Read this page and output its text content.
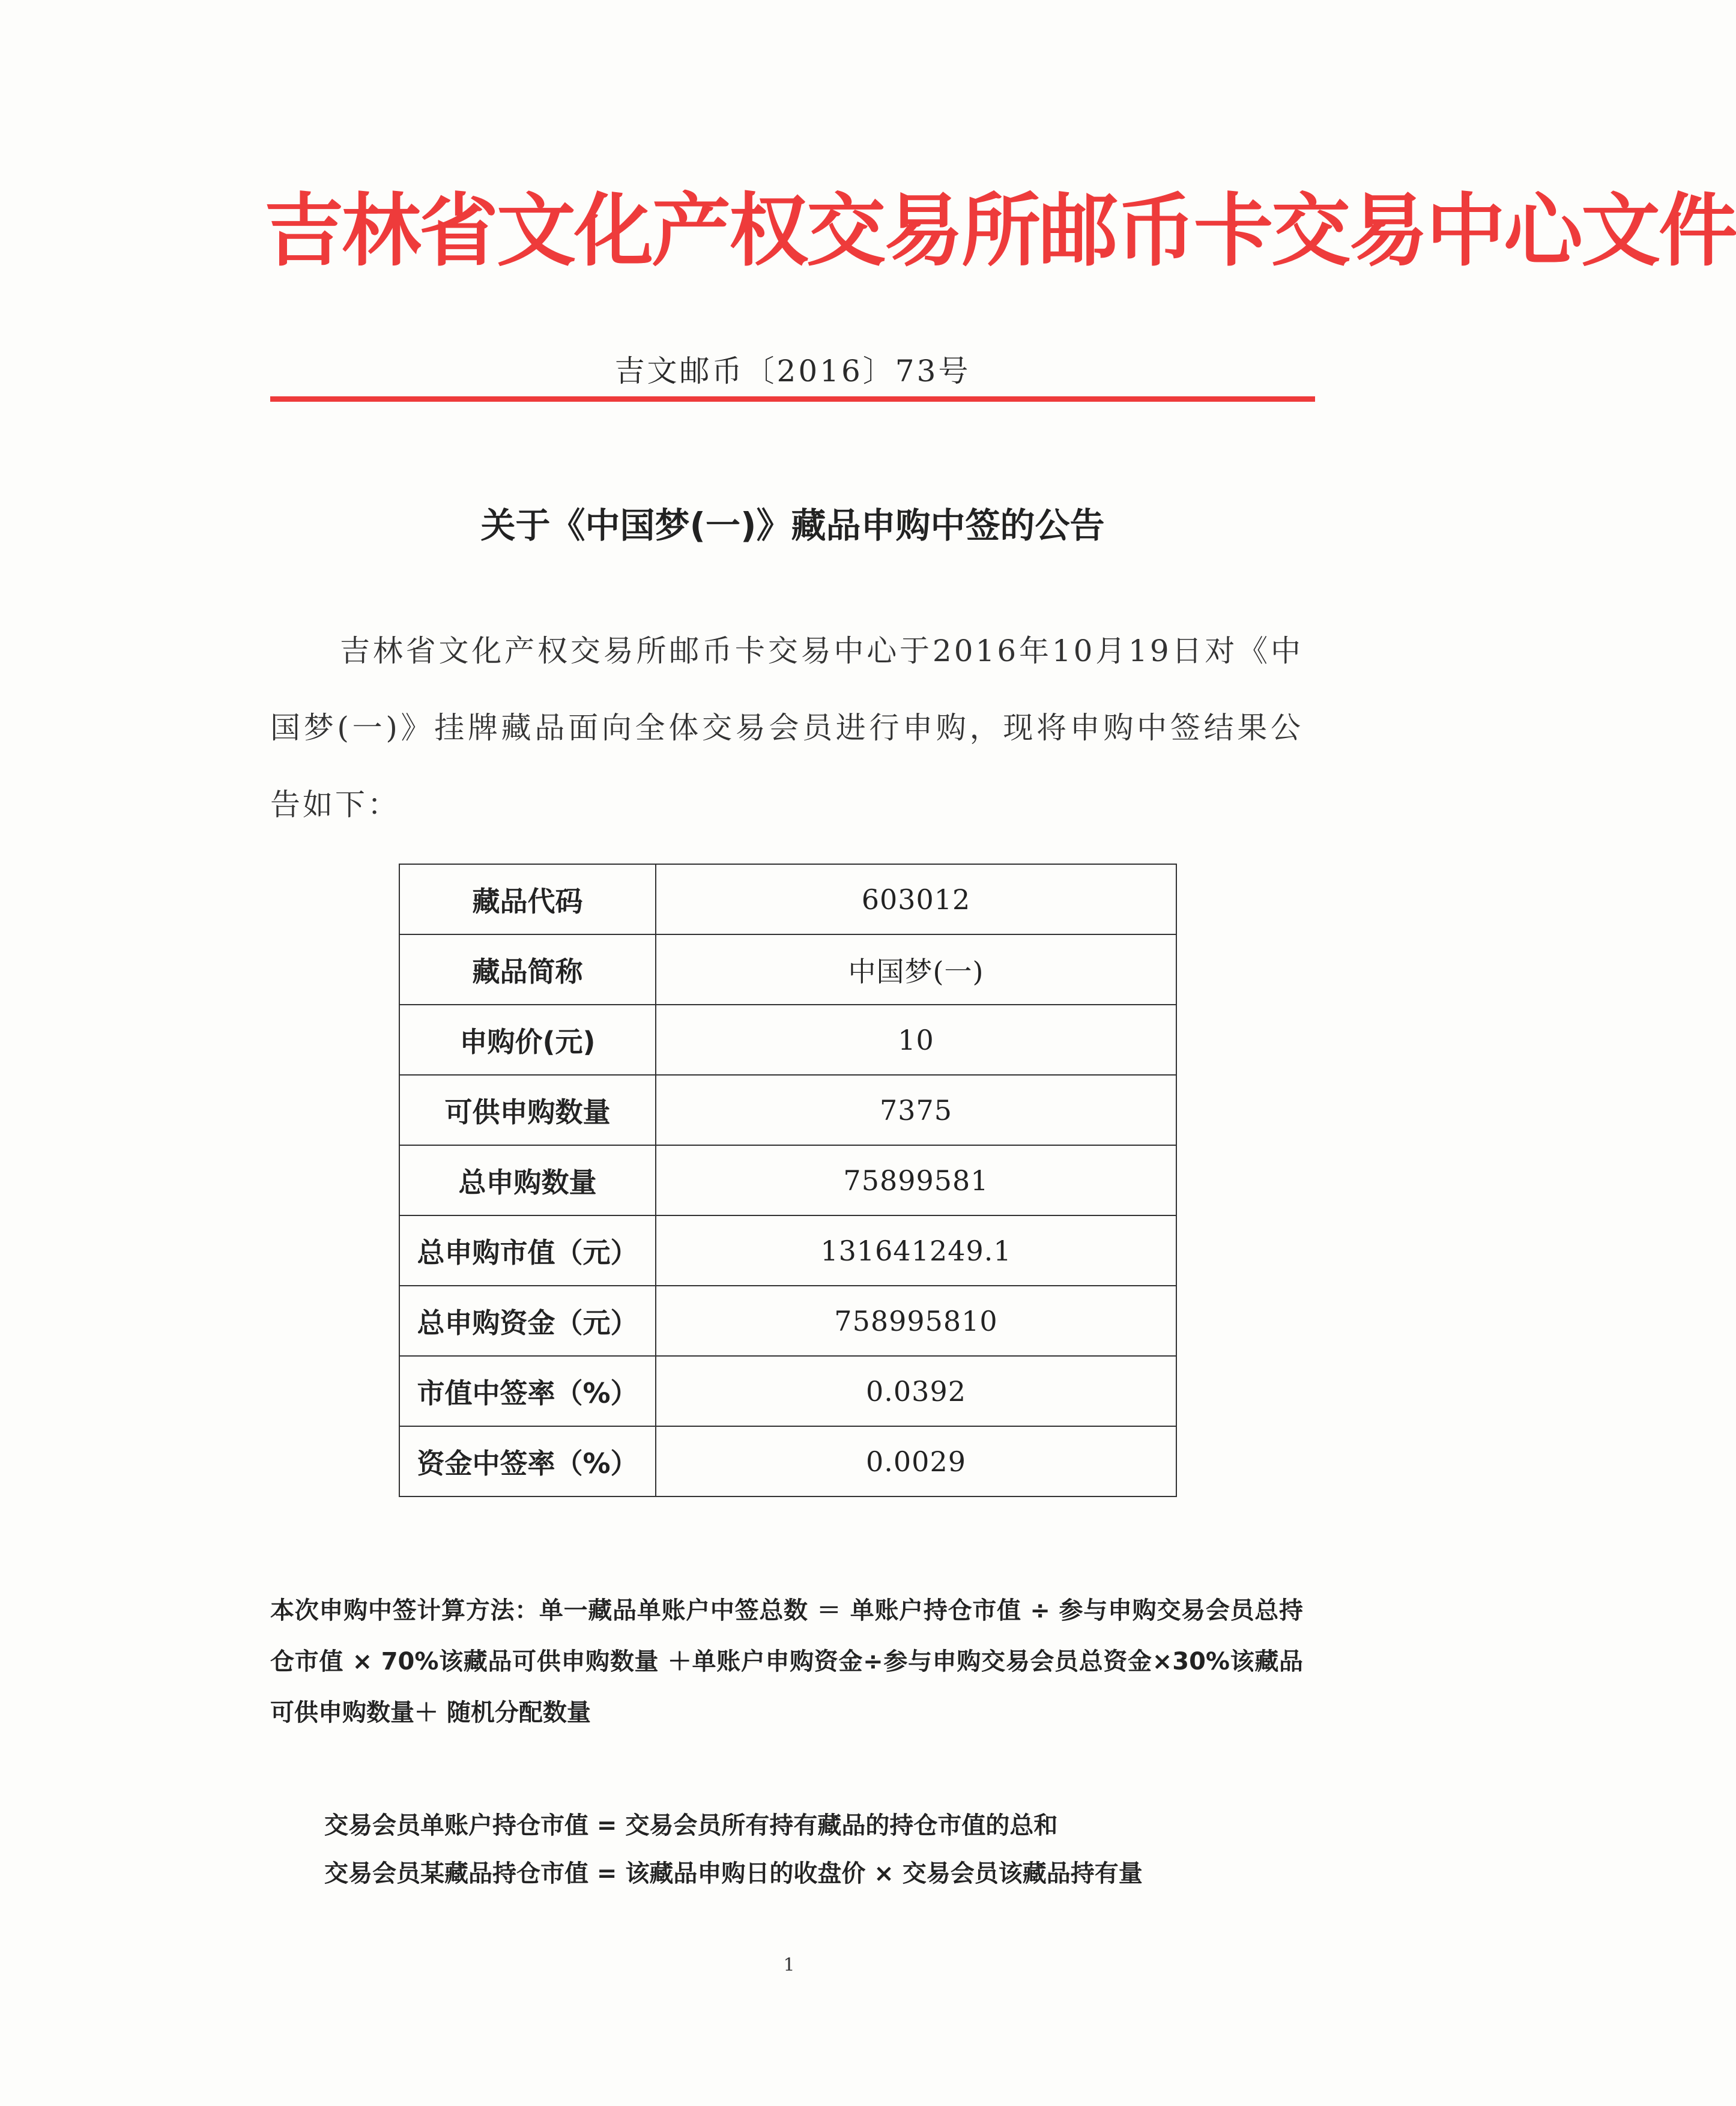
吉林省文化产权交易所邮币卡交易中心文件
吉文邮币〔2016〕73号
关于《中国梦(一)》藏品申购中签的公告
吉林省文化产权交易所邮币卡交易中心于2016年10月19日对《中国梦(一)》挂牌藏品面向全体交易会员进行申购，现将申购中签结果公告如下：
藏品代码	603012
藏品简称	中国梦(一)
申购价(元)	10
可供申购数量	7375
总申购数量	75899581
总申购市值（元）	131641249.1
总申购资金（元）	758995810
市值中签率（%）	0.0392
资金中签率（%）	0.0029
本次申购中签计算方法：单一藏品单账户中签总数 ＝ 单账户持仓市值 ÷ 参与申购交易会员总持仓市值 × 70%该藏品可供申购数量 ＋单账户申购资金÷参与申购交易会员总资金×30%该藏品可供申购数量＋ 随机分配数量
交易会员单账户持仓市值 = 交易会员所有持有藏品的持仓市值的总和
交易会员某藏品持仓市值 = 该藏品申购日的收盘价 × 交易会员该藏品持有量
1
